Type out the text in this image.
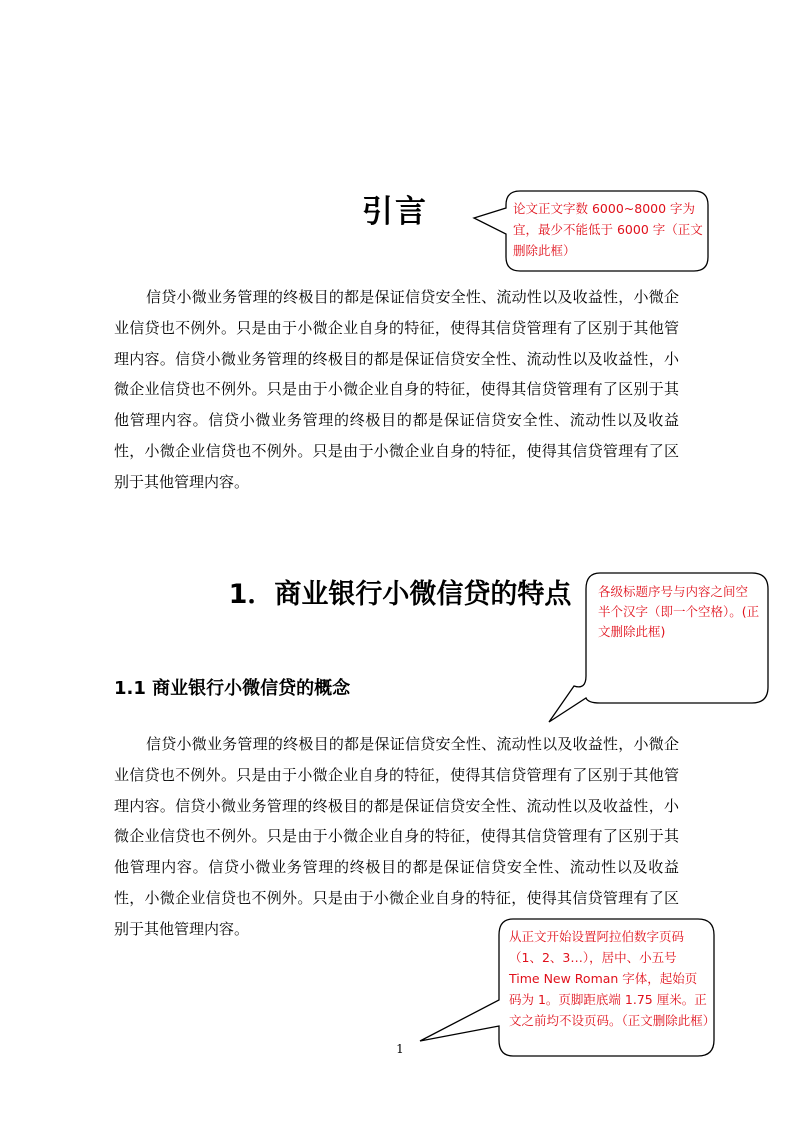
引言

信贷小微业务管理的终极目的都是保证信贷安全性、流动性以及收益性，小微企业信贷也不例外。只是由于小微企业自身的特征，使得其信贷管理有了区别于其他管理内容。信贷小微业务管理的终极目的都是保证信贷安全性、流动性以及收益性，小微企业信贷也不例外。只是由于小微企业自身的特征，使得其信贷管理有了区别于其他管理内容。信贷小微业务管理的终极目的都是保证信贷安全性、流动性以及收益性，小微企业信贷也不例外。只是由于小微企业自身的特征，使得其信贷管理有了区别于其他管理内容。

1．商业银行小微信贷的特点
1.1 商业银行小微信贷的概念

信贷小微业务管理的终极目的都是保证信贷安全性、流动性以及收益性，小微企业信贷也不例外。只是由于小微企业自身的特征，使得其信贷管理有了区别于其他管理内容。信贷小微业务管理的终极目的都是保证信贷安全性、流动性以及收益性，小微企业信贷也不例外。只是由于小微企业自身的特征，使得其信贷管理有了区别于其他管理内容。信贷小微业务管理的终极目的都是保证信贷安全性、流动性以及收益性，小微企业信贷也不例外。只是由于小微企业自身的特征，使得其信贷管理有了区别于其他管理内容。

1

论文正文字数 6000~8000 字为宜，最少不能低于 6000 字（正文删除此框）

各级标题序号与内容之间空半个汉字（即一个空格）。(正文删除此框)

从正文开始设置阿拉伯数字页码（1、2、3…），居中、小五号 Time New Roman 字体，起始页码为 1。页脚距底端 1.75 厘米。正文之前均不设页码。（正文删除此框）
